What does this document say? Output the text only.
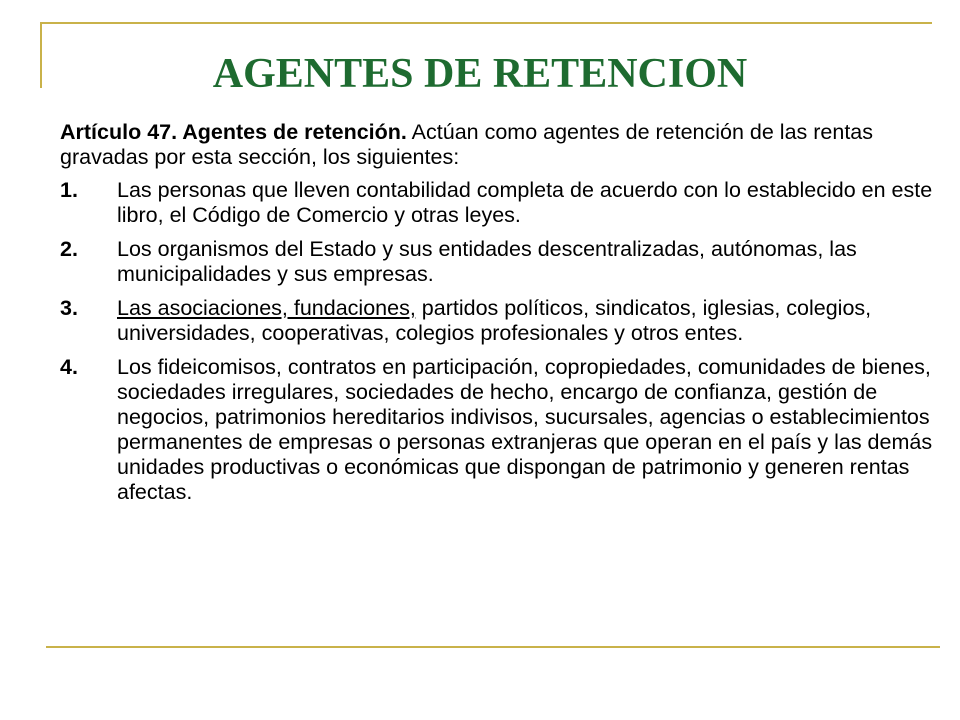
AGENTES DE RETENCION

Artículo 47. Agentes de retención. Actúan como agentes de retención de las rentas gravadas por esta sección, los siguientes:

1.	Las personas que lleven contabilidad completa de acuerdo con lo establecido en este libro, el Código de Comercio y otras leyes.
2.	Los organismos del Estado y sus entidades descentralizadas, autónomas, las municipalidades y sus empresas.
3.	Las asociaciones, fundaciones, partidos políticos, sindicatos, iglesias, colegios, universidades, cooperativas, colegios profesionales y otros entes.
4.	Los fideicomisos, contratos en participación, copropiedades, comunidades de bienes, sociedades irregulares, sociedades de hecho, encargo de confianza, gestión de negocios, patrimonios hereditarios indivisos, sucursales, agencias o establecimientos permanentes de empresas o personas extranjeras que operan en el país y las demás unidades productivas o económicas que dispongan de patrimonio y generen rentas afectas.
